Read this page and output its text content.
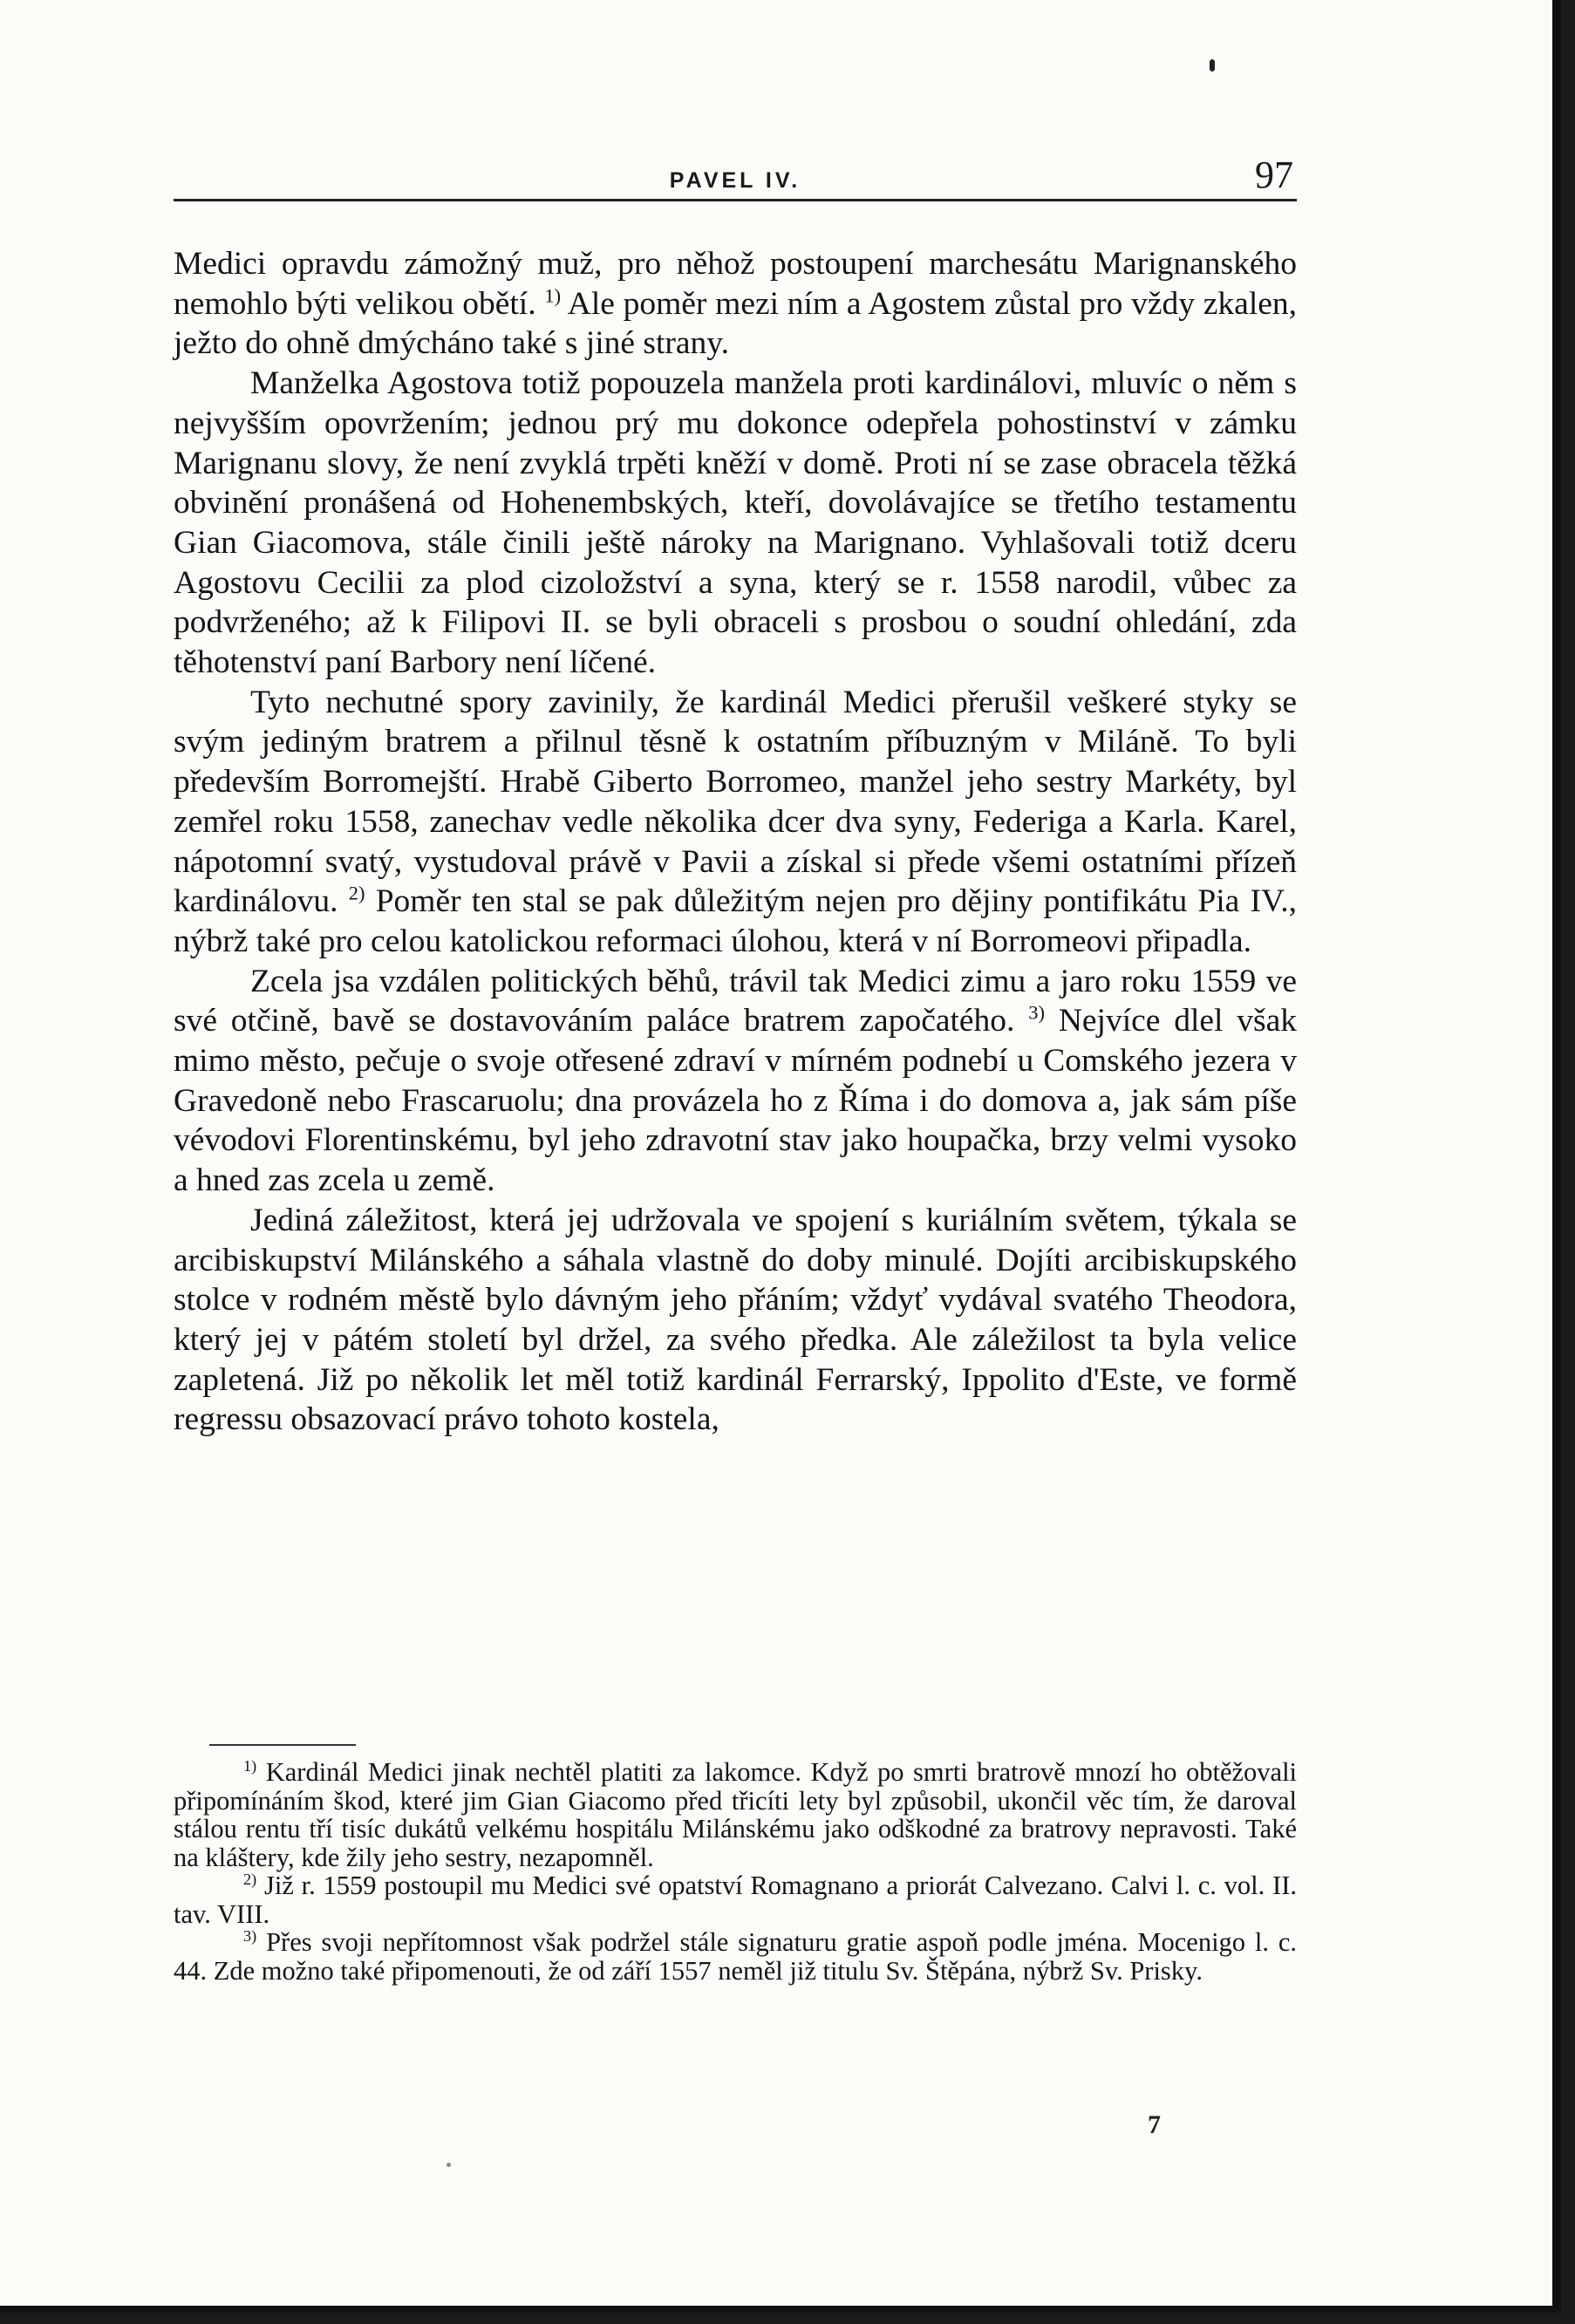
PAVEL IV.	97

Medici opravdu zámožný muž, pro něhož postoupení marchesátu Marignanského nemohlo býti velikou obětí. $^{1)}$ Ale poměr mezi ním a Agostem zůstal pro vždy zkalen, ježto do ohně dmýcháno také s jiné strany.

Manželka Agostova totiž popouzela manžela proti kardinálovi, mluvíc o něm s nejvyšším opovržením; jednou prý mu dokonce odepřela pohostinství v zámku Marignanu slovy, že není zvyklá trpěti kněží v domě. Proti ní se zase obracela těžká obvinění pronášená od Hohenembských, kteří, dovolávajíce se třetího testamentu Gian Giacomova, stále činili ještě nároky na Marignano. Vyhlašovali totiž dceru Agostovu Cecilii za plod cizoložství a syna, který se r. 1558 narodil, vůbec za podvrženého; až k Filipovi II. se byli obraceli s prosbou o soudní ohledání, zda těhotenství paní Barbory není líčené.

Tyto nechutné spory zavinily, že kardinál Medici přerušil veškeré styky se svým jediným bratrem a přilnul těsně k ostatním příbuzným v Miláně. To byli především Borromejští. Hrabě Giberto Borromeo, manžel jeho sestry Markéty, byl zemřel roku 1558, zanechav vedle několika dcer dva syny, Federiga a Karla. Karel, nápotomní svatý, vystudoval právě v Pavii a získal si přede všemi ostatními přízeň kardinálovu. $^{2)}$ Poměr ten stal se pak důležitým nejen pro dějiny pontifikátu Pia IV., nýbrž také pro celou katolickou reformaci úlohou, která v ní Borromeovi připadla.

Zcela jsa vzdálen politických běhů, trávil tak Medici zimu a jaro roku 1559 ve své otčině, bavě se dostavováním paláce bratrem započatého. $^{3)}$ Nejvíce dlel však mimo město, pečuje o svoje otřesené zdraví v mírném podnebí u Comského jezera v Gravedoně nebo Frascaruolu; dna provázela ho z Říma i do domova a, jak sám píše vévodovi Florentinskému, byl jeho zdravotní stav jako houpačka, brzy velmi vysoko a hned zas zcela u země.

Jediná záležitost, která jej udržovala ve spojení s kuriálním světem, týkala se arcibiskupství Milánského a sáhala vlastně do doby minulé. Dojíti arcibiskupského stolce v rodném městě bylo dávným jeho přáním; vždyť vydával svatého Theodora, který jej v pátém století byl držel, za svého předka. Ale záležilost ta byla velice zapletená. Již po několik let měl totiž kardinál Ferrarský, Ippolito d'Este, ve formě regressu obsazovací právo tohoto kostela,

$^{1)}$ Kardinál Medici jinak nechtěl platiti za lakomce. Když po smrti bratrově mnozí ho obtěžovali připomínáním škod, které jim Gian Giacomo před třicíti lety byl způsobil, ukončil věc tím, že daroval stálou rentu tří tisíc dukátů velkému hospitálu Milánskému jako odškodné za bratrovy nepravosti. Také na kláštery, kde žily jeho sestry, nezapomněl.

$^{2)}$ Již r. 1559 postoupil mu Medici své opatství Romagnano a priorát Calvezano. Calvi l. c. vol. II. tav. VIII.

$^{3)}$ Přes svoji nepřítomnost však podržel stále signaturu gratie aspoň podle jména. Mocenigo l. c. 44. Zde možno také připomenouti, že od září 1557 neměl již titulu Sv. Štěpána, nýbrž Sv. Prisky.

7
